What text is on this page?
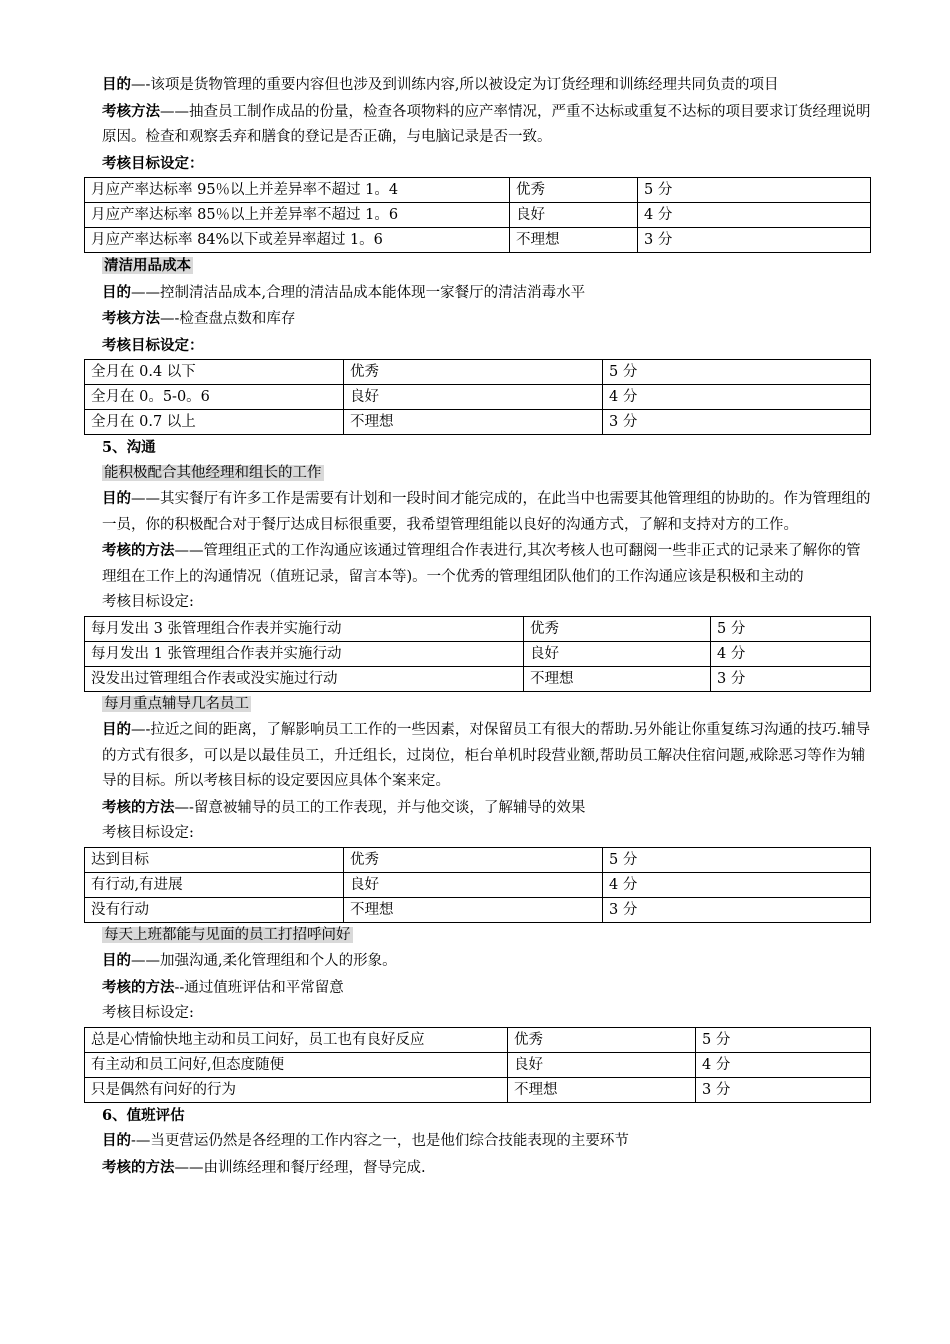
目的—-该项是货物管理的重要内容但也涉及到训练内容,所以被设定为订货经理和训练经理共同负责的项目

考核方法——抽查员工制作成品的份量，检查各项物料的应产率情况，严重不达标或重复不达标的项目要求订货经理说明原因。检查和观察丢弃和膳食的登记是否正确，与电脑记录是否一致。

考核目标设定：

月应产率达标率 95％以上并差异率不超过 1。4	优秀	5 分
月应产率达标率 85％以上并差异率不超过 1。6	良好	4 分
月应产率达标率 84%以下或差异率超过 1。6	不理想	3 分

清洁用品成本

目的——控制清洁品成本,合理的清洁品成本能体现一家餐厅的清洁消毒水平

考核方法—-检查盘点数和库存

考核目标设定：

全月在 0.4 以下	优秀	5 分
全月在 0。5-0。6	良好	4 分
全月在 0.7 以上	不理想	3 分

5、沟通

能积极配合其他经理和组长的工作

目的——其实餐厅有许多工作是需要有计划和一段时间才能完成的，在此当中也需要其他管理组的协助的。作为管理组的一员，你的积极配合对于餐厅达成目标很重要，我希望管理组能以良好的沟通方式，了解和支持对方的工作。

考核的方法——管理组正式的工作沟通应该通过管理组合作表进行,其次考核人也可翻阅一些非正式的记录来了解你的管理组在工作上的沟通情况（值班记录，留言本等)。一个优秀的管理组团队他们的工作沟通应该是积极和主动的

考核目标设定:

每月发出 3 张管理组合作表并实施行动	优秀	5 分
每月发出 1 张管理组合作表并实施行动	良好	4 分
没发出过管理组合作表或没实施过行动	不理想	3 分

每月重点辅导几名员工

目的—-拉近之间的距离，了解影响员工工作的一些因素，对保留员工有很大的帮助.另外能让你重复练习沟通的技巧.辅导的方式有很多，可以是以最佳员工，升迁组长，过岗位，柜台单机时段营业额,帮助员工解决住宿问题,戒除恶习等作为辅导的目标。所以考核目标的设定要因应具体个案来定。

考核的方法—-留意被辅导的员工的工作表现，并与他交谈，了解辅导的效果

考核目标设定:

达到目标	优秀	5 分
有行动,有进展	良好	4 分
没有行动	不理想	3 分

每天上班都能与见面的员工打招呼问好

目的——加强沟通,柔化管理组和个人的形象。

考核的方法--通过值班评估和平常留意

考核目标设定:

总是心情愉快地主动和员工问好，员工也有良好反应	优秀	5 分
有主动和员工问好,但态度随便	良好	4 分
只是偶然有问好的行为	不理想	3 分

6、值班评估

目的-—当更营运仍然是各经理的工作内容之一，也是他们综合技能表现的主要环节

考核的方法——由训练经理和餐厅经理，督导完成.
